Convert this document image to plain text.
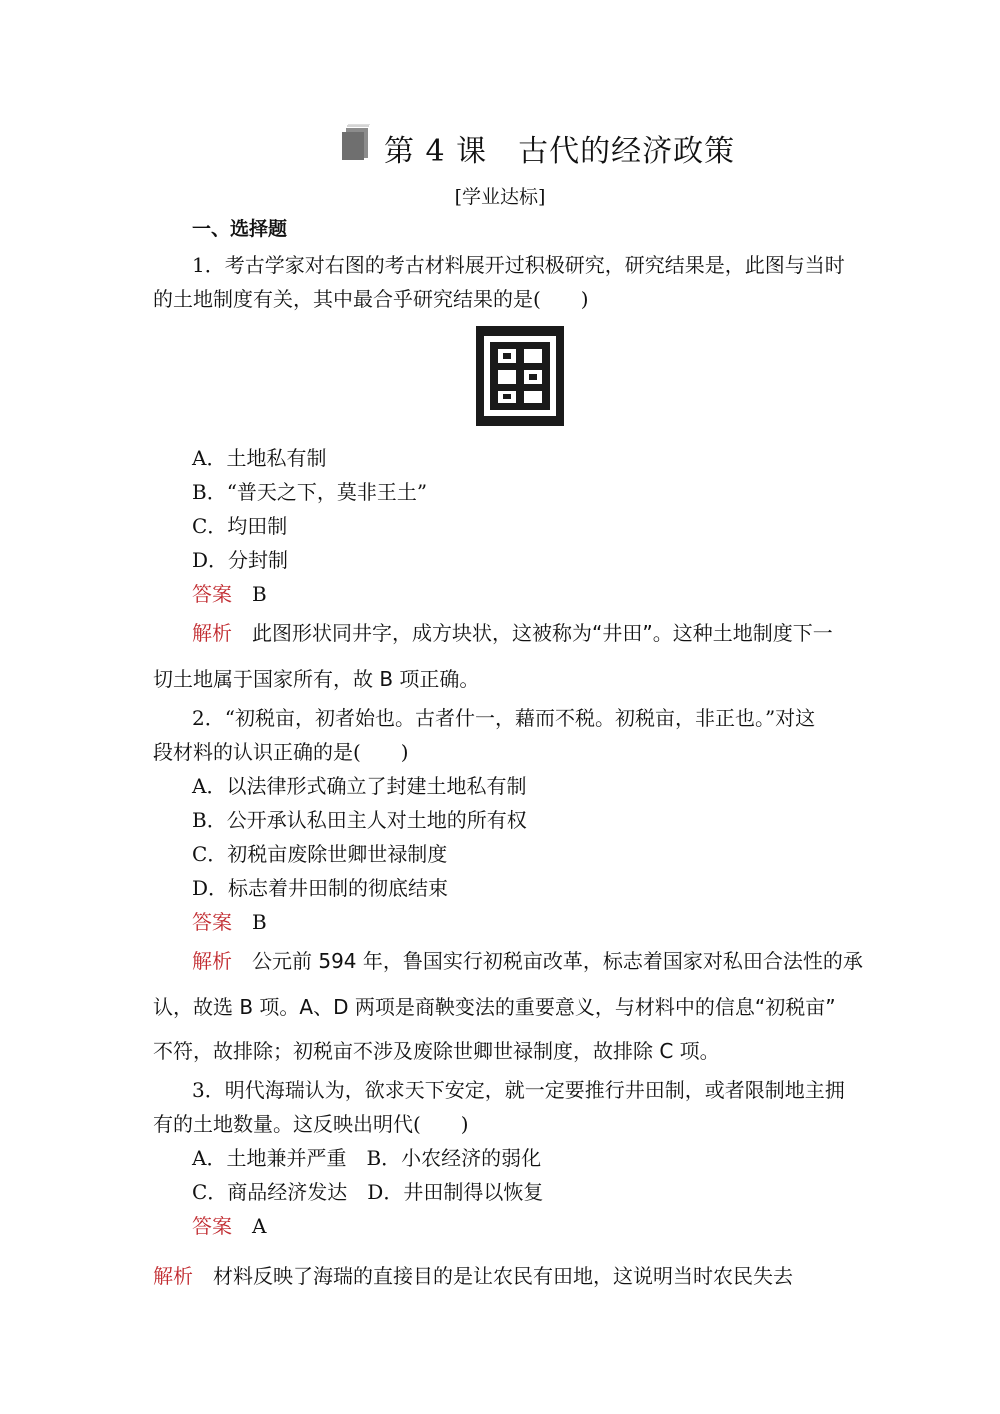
第 4 课　古代的经济政策
[学业达标]
一、选择题
1．考古学家对右图的考古材料展开过积极研究，研究结果是，此图与当时
的土地制度有关，其中最合乎研究结果的是(　　)
A．土地私有制
B．“普天之下，莫非王土”
C．均田制
D．分封制
答案　 B
解析　 此图形状同井字，成方块状，这被称为“井田”。这种土地制度下一
切土地属于国家所有，故 B 项正确。
2．“初税亩，初者始也。古者什一，藉而不税。初税亩，非正也。”对这
段材料的认识正确的是(　　)
A．以法律形式确立了封建土地私有制
B．公开承认私田主人对土地的所有权
C．初税亩废除世卿世禄制度
D．标志着井田制的彻底结束
答案　 B
解析　 公元前 594 年，鲁国实行初税亩改革，标志着国家对私田合法性的承
认，故选 B 项。A、D 两项是商鞅变法的重要意义，与材料中的信息“初税亩”
不符，故排除；初税亩不涉及废除世卿世禄制度，故排除 C 项。
3．明代海瑞认为，欲求天下安定，就一定要推行井田制，或者限制地主拥
有的土地数量。这反映出明代(　　)
A．土地兼并严重　B．小农经济的弱化
C．商品经济发达　D．井田制得以恢复
答案　 A
解析　 材料反映了海瑞的直接目的是让农民有田地，这说明当时农民失去
